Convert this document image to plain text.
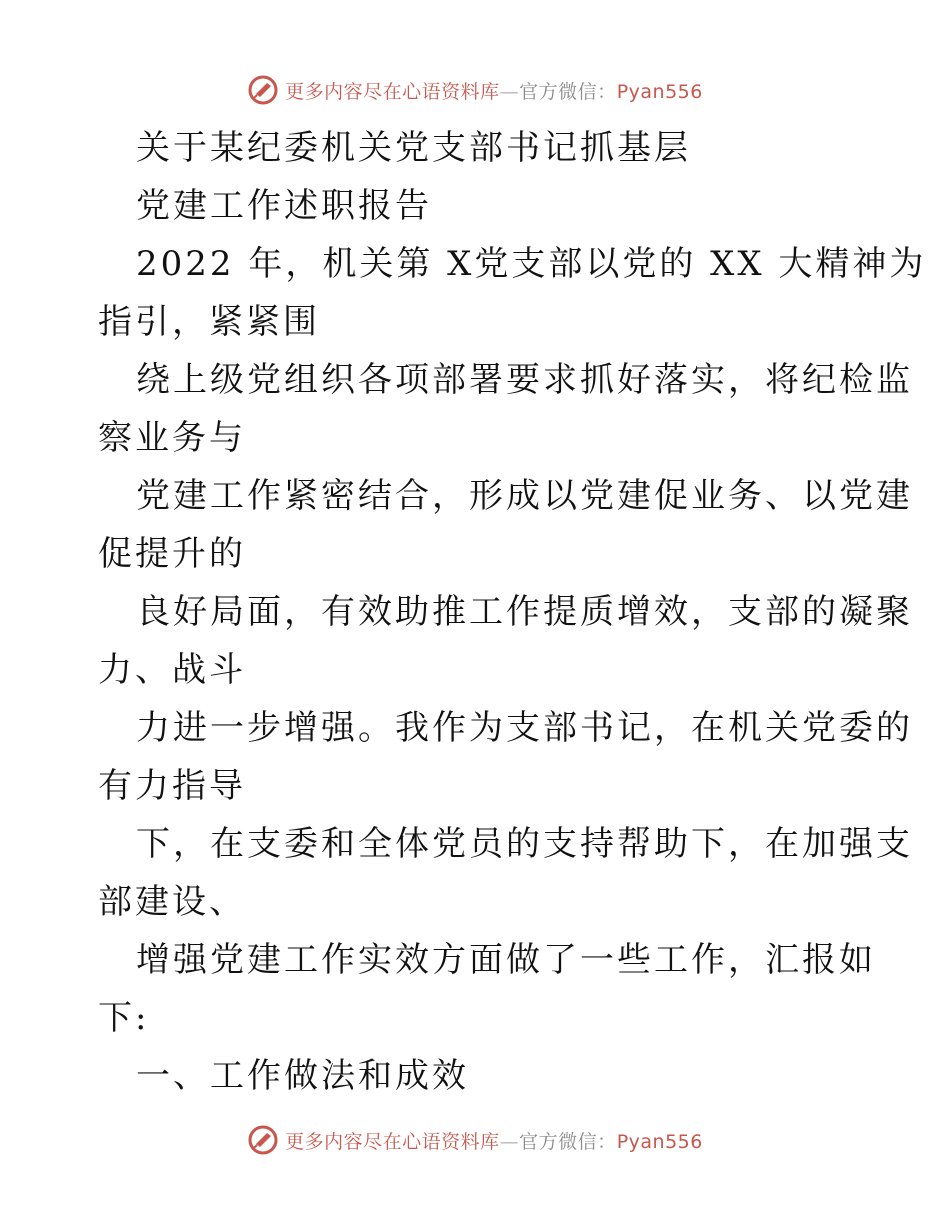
更多内容尽在心语资料库—官方微信：Pyan556
关于某纪委机关党支部书记抓基层
党建工作述职报告
2022 年，机关第 X党支部以党的 XX 大精神为
指引，紧紧围
绕上级党组织各项部署要求抓好落实，将纪检监
察业务与
党建工作紧密结合，形成以党建促业务、以党建
促提升的
良好局面，有效助推工作提质增效，支部的凝聚
力、战斗
力进一步增强。我作为支部书记，在机关党委的
有力指导
下，在支委和全体党员的支持帮助下，在加强支
部建设、
增强党建工作实效方面做了一些工作，汇报如
下:
一、工作做法和成效
更多内容尽在心语资料库—官方微信：Pyan556
